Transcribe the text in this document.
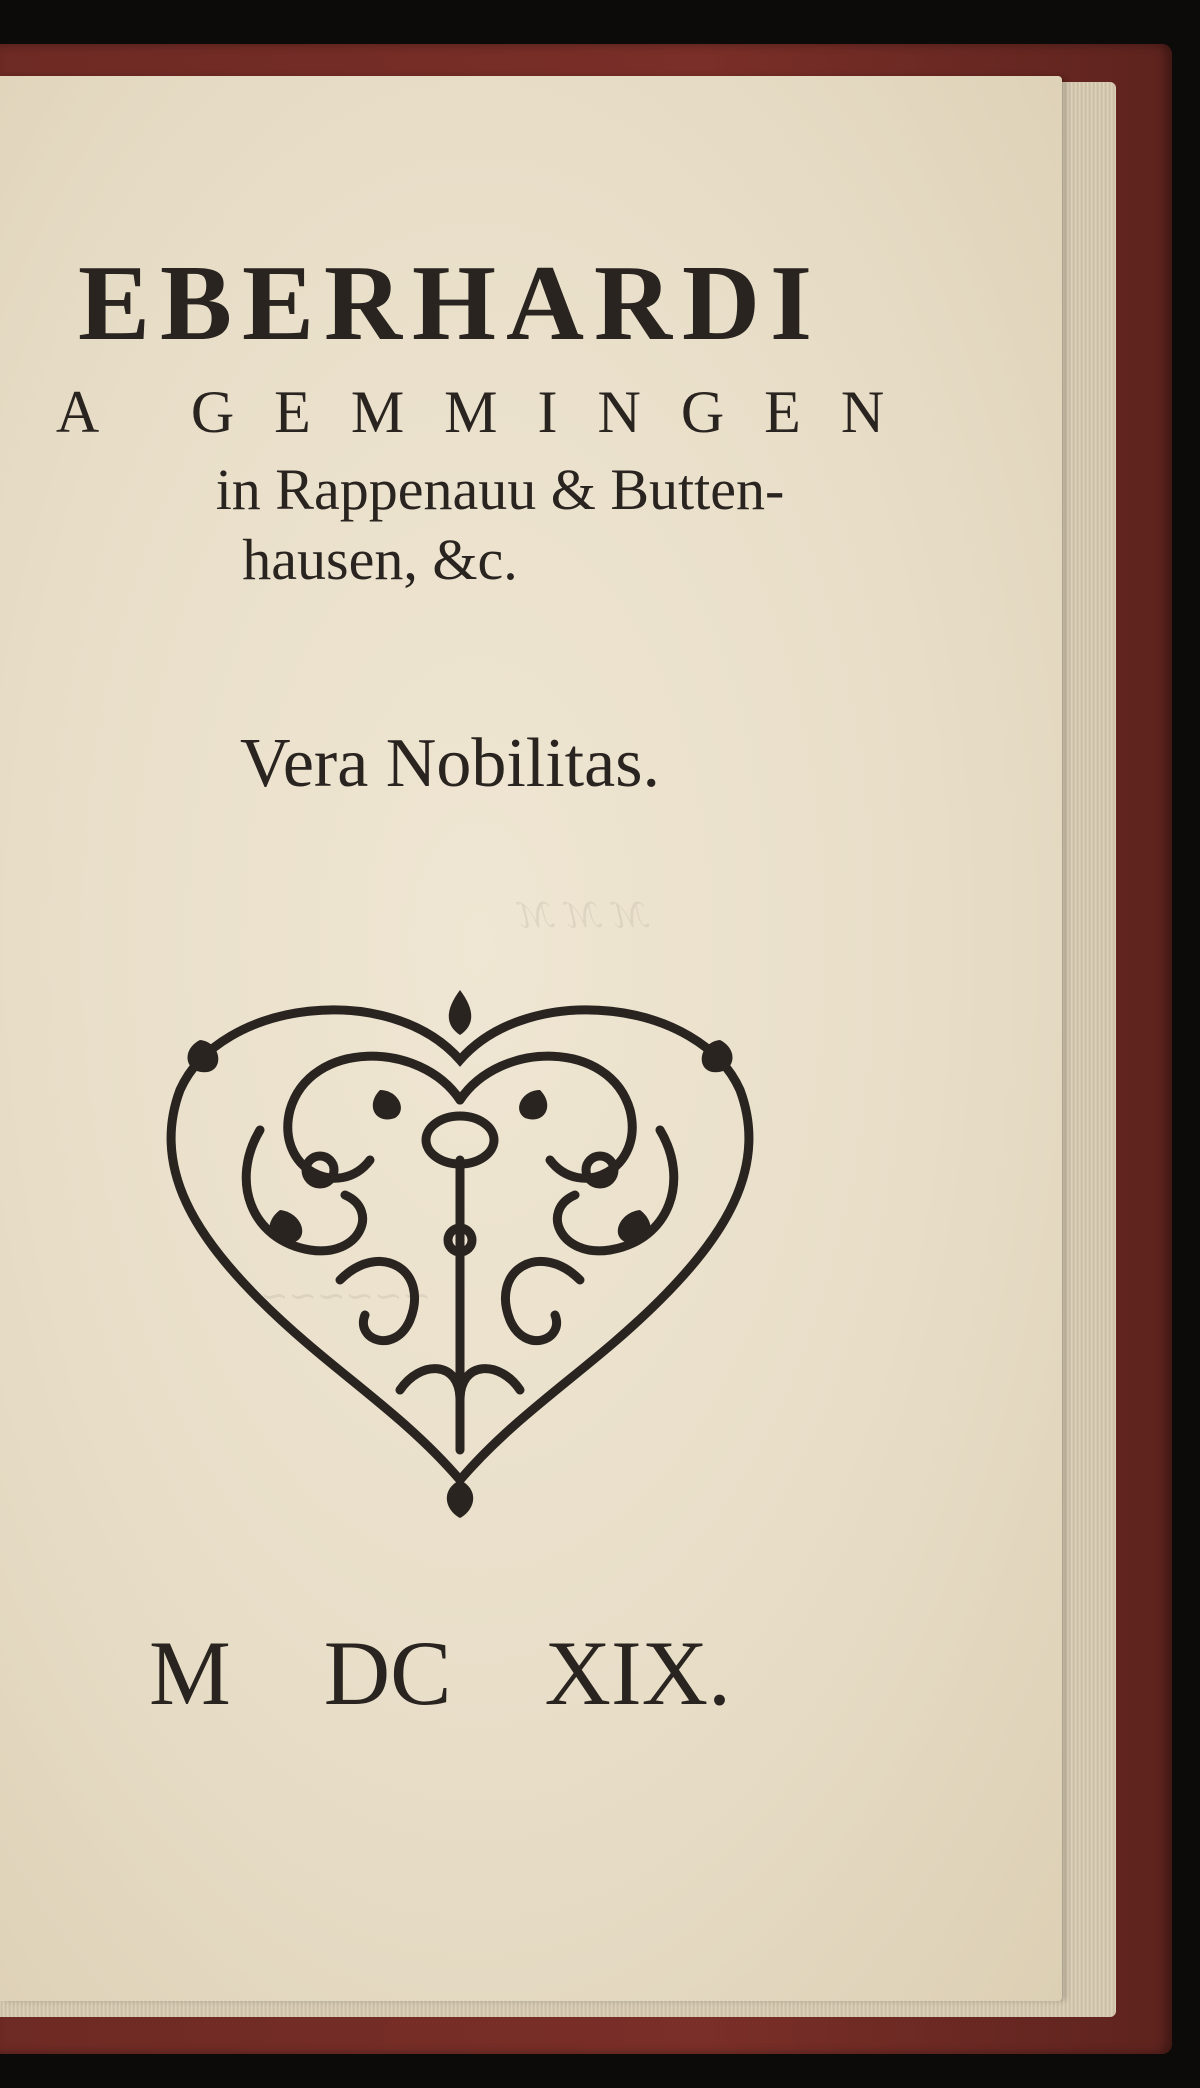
ℳ ℳ ℳ
~~~~~~
EBERHARDI
A GEMMINGEN
in Rappenauu & Butten-
hausen, &c.
Vera Nobilitas.
M DC XIX.
